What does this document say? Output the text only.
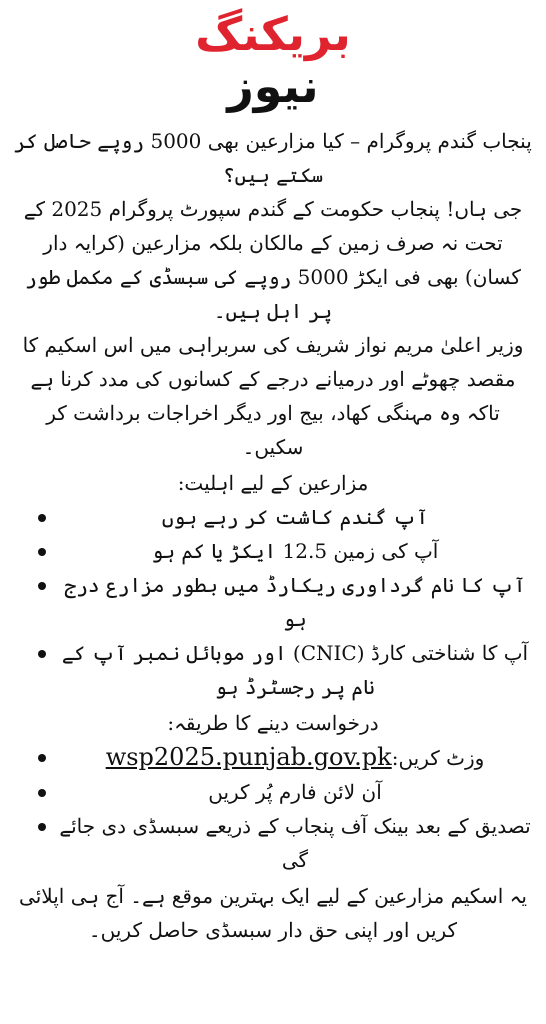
بریکنگ
نیوز

پنجاب گندم پروگرام – کیا مزارعین بھی 5000 روپے حاصل کر سکتے ہیں؟

جی ہاں! پنجاب حکومت کے گندم سپورٹ پروگرام 2025 کے تحت نہ صرف زمین کے مالکان بلکہ مزارعین (کرایہ دار کسان) بھی فی ایکڑ 5000 روپے کی سبسڈی کے مکمل طور پر اہل ہیں۔

وزیر اعلیٰ مریم نواز شریف کی سربراہی میں اس اسکیم کا مقصد چھوٹے اور درمیانے درجے کے کسانوں کی مدد کرنا ہے تاکہ وہ مہنگی کھاد، بیج اور دیگر اخراجات برداشت کر سکیں۔

مزارعین کے لیے اہلیت:

آپ گندم کاشت کر رہے ہوں
آپ کی زمین 12.5 ایکڑ یا کم ہو
آپ کا نام گرداوری ریکارڈ میں بطور مزارع درج ہو
آپ کا شناختی کارڈ (CNIC) اور موبائل نمبر آپ کے نام پر رجسٹرڈ ہو

درخواست دینے کا طریقہ:

وزٹ کریں:wsp2025.punjab.gov.pk
آن لائن فارم پُر کریں
تصدیق کے بعد بینک آف پنجاب کے ذریعے سبسڈی دی جائے گی

یہ اسکیم مزارعین کے لیے ایک بہترین موقع ہے۔ آج ہی اپلائی کریں اور اپنی حق دار سبسڈی حاصل کریں۔
